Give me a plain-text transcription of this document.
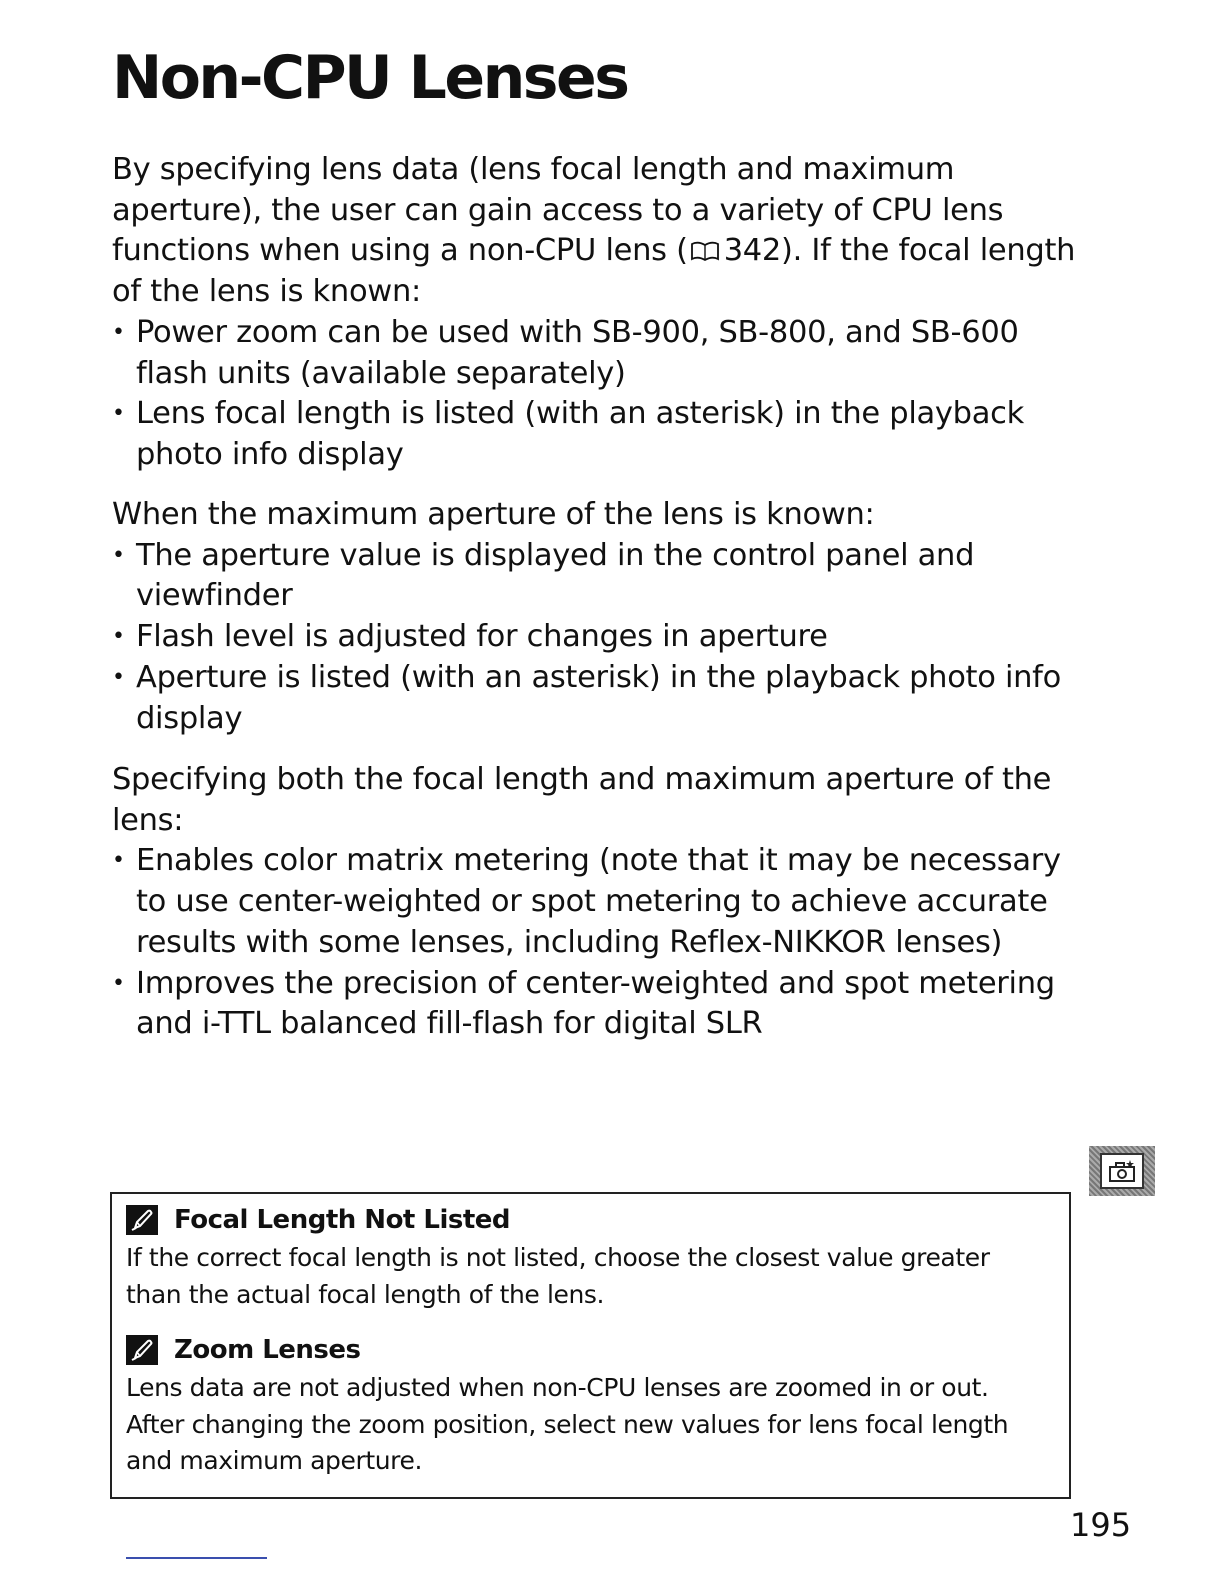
Non-CPU Lenses

By specifying lens data (lens focal length and maximum aperture), the user can gain access to a variety of CPU lens functions when using a non-CPU lens ( 342). If the focal length of the lens is known:

• Power zoom can be used with SB-900, SB-800, and SB-600 flash units (available separately)
• Lens focal length is listed (with an asterisk) in the playback photo info display

When the maximum aperture of the lens is known:

• The aperture value is displayed in the control panel and viewfinder
• Flash level is adjusted for changes in aperture
• Aperture is listed (with an asterisk) in the playback photo info display

Specifying both the focal length and maximum aperture of the lens:

• Enables color matrix metering (note that it may be necessary to use center-weighted or spot metering to achieve accurate results with some lenses, including Reflex-NIKKOR lenses)
• Improves the precision of center-weighted and spot metering and i-TTL balanced fill-flash for digital SLR
Focal Length Not Listed

If the correct focal length is not listed, choose the closest value greater than the actual focal length of the lens.

Zoom Lenses

Lens data are not adjusted when non-CPU lenses are zoomed in or out. After changing the zoom position, select new values for lens focal length and maximum aperture.

195
